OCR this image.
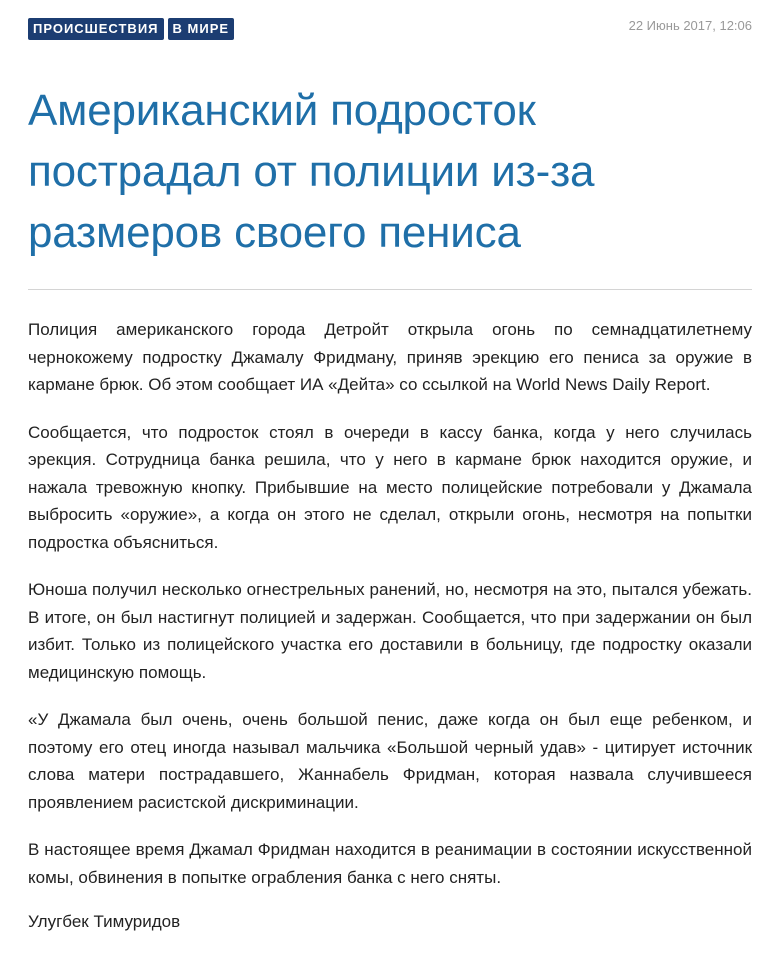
ПРОИСШЕСТВИЯ	В МИРЕ	22 Июнь 2017, 12:06
Американский подросток пострадал от полиции из-за размеров своего пениса

Полиция американского города Детройт открыла огонь по семнадцатилетнему чернокожему подростку Джамалу Фридману, приняв эрекцию его пениса за оружие в кармане брюк. Об этом сообщает ИА «Дейта» со ссылкой на World News Daily Report.

Сообщается, что подросток стоял в очереди в кассу банка, когда у него случилась эрекция. Сотрудница банка решила, что у него в кармане брюк находится оружие, и нажала тревожную кнопку. Прибывшие на место полицейские потребовали у Джамала выбросить «оружие», а когда он этого не сделал, открыли огонь, несмотря на попытки подростка объясниться.

Юноша получил несколько огнестрельных ранений, но, несмотря на это, пытался убежать. В итоге, он был настигнут полицией и задержан. Сообщается, что при задержании он был избит. Только из полицейского участка его доставили в больницу, где подростку оказали медицинскую помощь.

«У Джамала был очень, очень большой пенис, даже когда он был еще ребенком, и поэтому его отец иногда называл мальчика «Большой черный удав» - цитирует источник слова матери пострадавшего, Жаннабель Фридман, которая назвала случившееся проявлением расистской дискриминации.

В настоящее время Джамал Фридман находится в реанимации в состоянии искусственной комы, обвинения в попытке ограбления банка с него сняты.

Улугбек Тимуридов
